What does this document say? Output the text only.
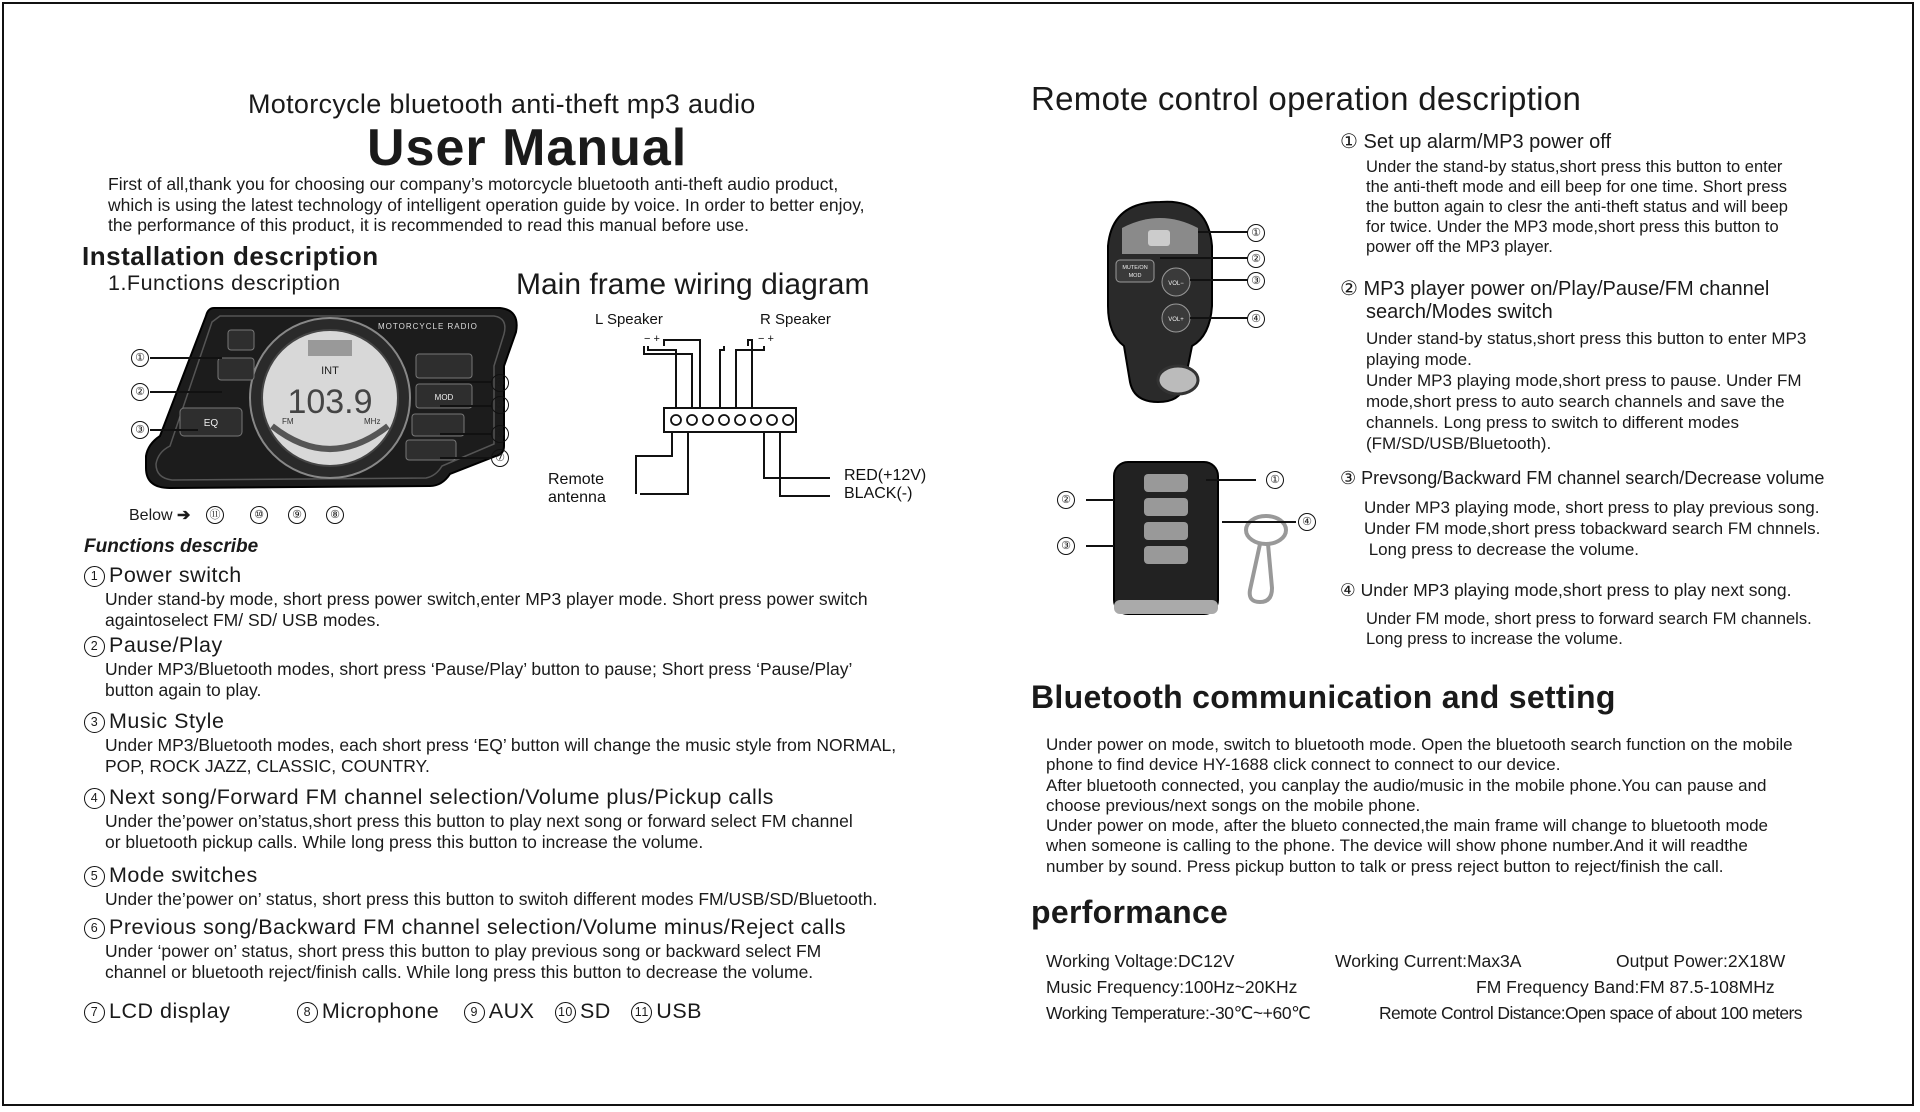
Motorcycle bluetooth anti-theft mp3 audio
User Manual
First of all,thank you for choosing our company’s motorcycle bluetooth anti-theft audio product,
which is using the latest technology of intelligent operation guide by voice. In order to better enjoy,
the performance of this product, it is recommended to read this manual before use.
Installation description
1.Functions description	Main frame wiring diagram
INT
103.9
FM	MHz
MOTORCYCLE RADIO
EQ
MOD
①
②
③
④
⑤
⑥
⑦
Below ➔	⑪	⑩	⑨	⑧
L Speaker	R Speaker
− +	− +
Remote
antenna
RED(+12V)
BLACK(-)
Functions describe
1 Power switch
Under stand-by mode, short press power switch,enter MP3 player mode. Short press power switch
againtoselect FM/ SD/ USB modes.
2 Pause/Play
Under MP3/Bluetooth modes, short press ‘Pause/Play’ button to pause; Short press ‘Pause/Play’
button again to play.
3 Music Style
Under MP3/Bluetooth modes, each short press ‘EQ’ button will change the music style from NORMAL,
POP, ROCK JAZZ, CLASSIC, COUNTRY.
4 Next song/Forward FM channel selection/Volume plus/Pickup calls
Under the’power on’status,short press this button to play next song or forward select FM channel
or bluetooth pickup calls. While long press this button to increase the volume.
5 Mode switches
Under the’power on’ status, short press this button to switoh different modes FM/USB/SD/Bluetooth.
6 Previous song/Backward FM channel selection/Volume minus/Reject calls
Under ‘power on’ status, short press this button to play previous song or backward select FM
channel or bluetooth reject/finish calls. While long press this button to decrease the volume.
7 LCD display	8 Microphone	9 AUX 10 SD 11 USB
Remote control operation description
MUTE/ON
MOD
VOL−
VOL+
①
②
③
④
①
②
③
④
① Set up alarm/MP3 power off
Under the stand-by status,short press this button to enter
the anti-theft mode and eill beep for one time. Short press
the button again to clesr the anti-theft status and will beep
for twice. Under the MP3 mode,short press this button to
power off the MP3 player.
② MP3 player power on/Play/Pause/FM channel
search/Modes switch
Under stand-by status,short press this button to enter MP3
playing mode.
Under MP3 playing mode,short press to pause. Under FM
mode,short press to auto search channels and save the
channels. Long press to switch to different modes
(FM/SD/USB/Bluetooth).
③ Prevsong/Backward FM channel search/Decrease volume
Under MP3 playing mode, short press to play previous song.
Under FM mode,short press tobackward search FM chnnels.
Long press to decrease the volume.
④ Under MP3 playing mode,short press to play next song.
Under FM mode, short press to forward search FM channels.
Long press to increase the volume.
Bluetooth communication and setting
Under power on mode, switch to bluetooth mode. Open the bluetooth search function on the mobile
phone to find device HY-1688 click connect to connect to our device.
After bluetooth connected, you canplay the audio/music in the mobile phone.You can pause and
choose previous/next songs on the mobile phone.
Under power on mode, after the blueto connected,the main frame will change to bluetooth mode
when someone is calling to the phone. The device will show phone number.And it will readthe
number by sound. Press pickup button to talk or press reject button to reject/finish the call.
performance
Working Voltage:DC12V	Working Current:Max3A	Output Power:2X18W
Music Frequency:100Hz~20KHz	FM Frequency Band:FM 87.5-108MHz
Working Temperature:-30℃~+60℃	Remote Control Distance:Open space of about 100 meters
